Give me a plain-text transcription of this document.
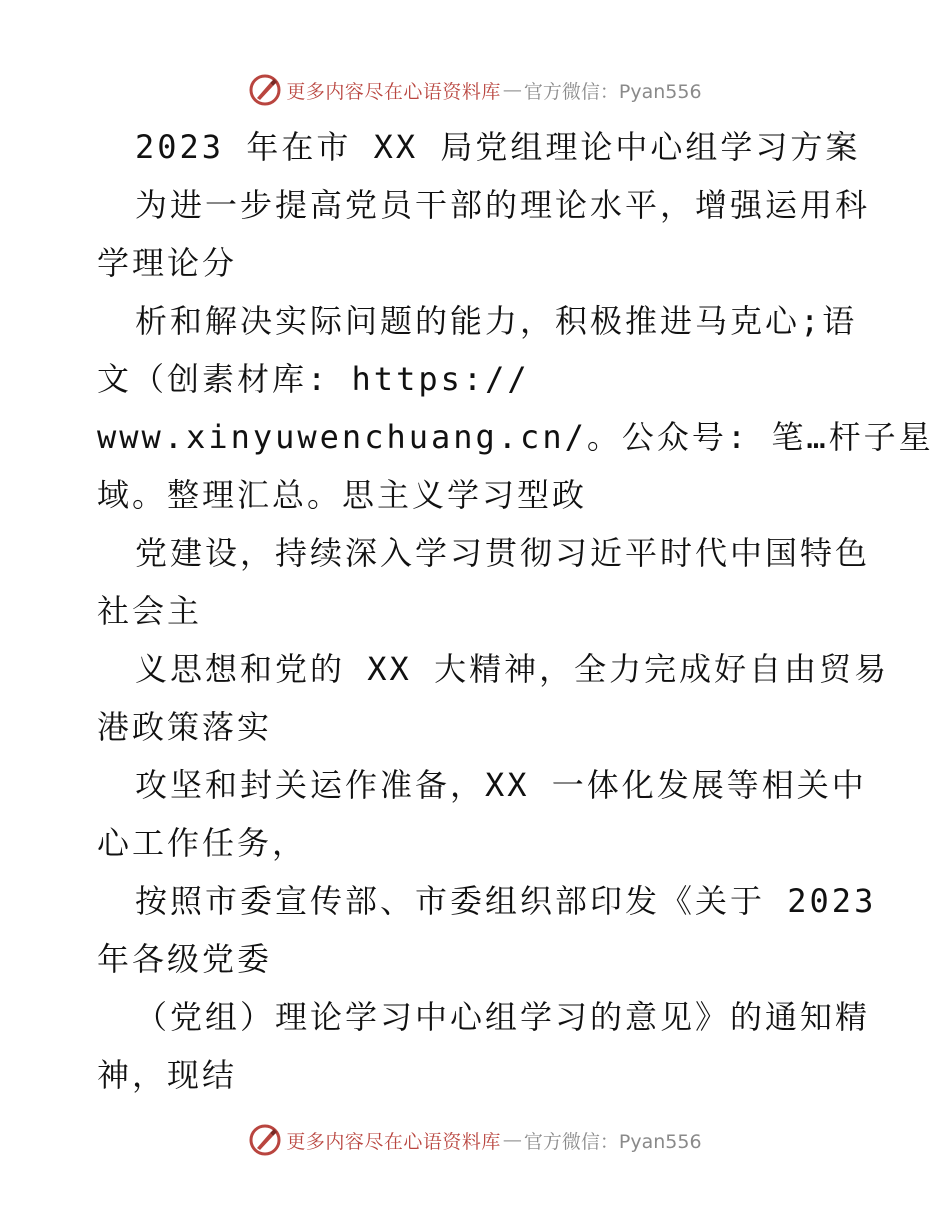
更多内容尽在心语资料库 — 官方微信：Pyan556
2023 年在市 XX 局党组理论中心组学习方案
为进一步提高党员干部的理论水平，增强运用科
学理论分
析和解决实际问题的能力，积极推进马克心;语
文（创素材库: https://
www.xinyuwenchuang.cn/。公众号: 笔…杆子星
域。整理汇总。思主义学习型政
党建设，持续深入学习贯彻习近平时代中国特色
社会主
义思想和党的 XX 大精神，全力完成好自由贸易
港政策落实
攻坚和封关运作准备，XX 一体化发展等相关中
心工作任务，
按照市委宣传部、市委组织部印发《关于 2023
年各级党委
（党组）理论学习中心组学习的意见》的通知精
神，现结
更多内容尽在心语资料库 — 官方微信：Pyan556
